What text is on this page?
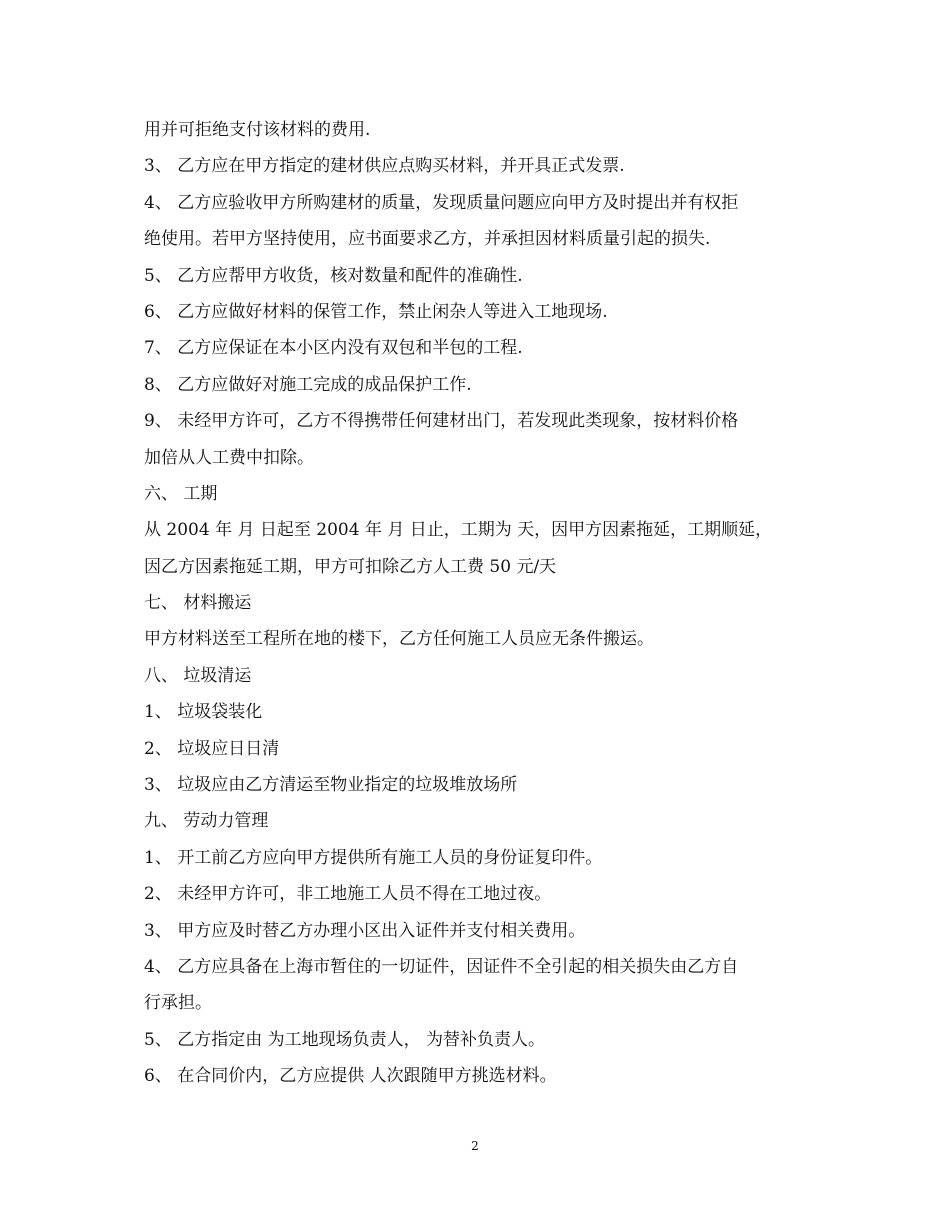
用并可拒绝支付该材料的费用.
3、 乙方应在甲方指定的建材供应点购买材料，并开具正式发票.
4、 乙方应验收甲方所购建材的质量，发现质量问题应向甲方及时提出并有权拒
绝使用。若甲方坚持使用，应书面要求乙方，并承担因材料质量引起的损失.
5、 乙方应帮甲方收货，核对数量和配件的准确性.
6、 乙方应做好材料的保管工作，禁止闲杂人等进入工地现场.
7、 乙方应保证在本小区内没有双包和半包的工程.
8、 乙方应做好对施工完成的成品保护工作.
9、 未经甲方许可，乙方不得携带任何建材出门，若发现此类现象，按材料价格
加倍从人工费中扣除。
六、 工期
从 2004 年 月 日起至 2004 年 月 日止，工期为 天，因甲方因素拖延，工期顺延，
因乙方因素拖延工期，甲方可扣除乙方人工费 50 元/天
七、 材料搬运
甲方材料送至工程所在地的楼下，乙方任何施工人员应无条件搬运。
八、 垃圾清运
1、 垃圾袋装化
2、 垃圾应日日清
3、 垃圾应由乙方清运至物业指定的垃圾堆放场所
九、 劳动力管理
1、 开工前乙方应向甲方提供所有施工人员的身份证复印件。
2、 未经甲方许可，非工地施工人员不得在工地过夜。
3、 甲方应及时替乙方办理小区出入证件并支付相关费用。
4、 乙方应具备在上海市暂住的一切证件，因证件不全引起的相关损失由乙方自
行承担。
5、 乙方指定由 为工地现场负责人， 为替补负责人。
6、 在合同价内，乙方应提供 人次跟随甲方挑选材料。
2
